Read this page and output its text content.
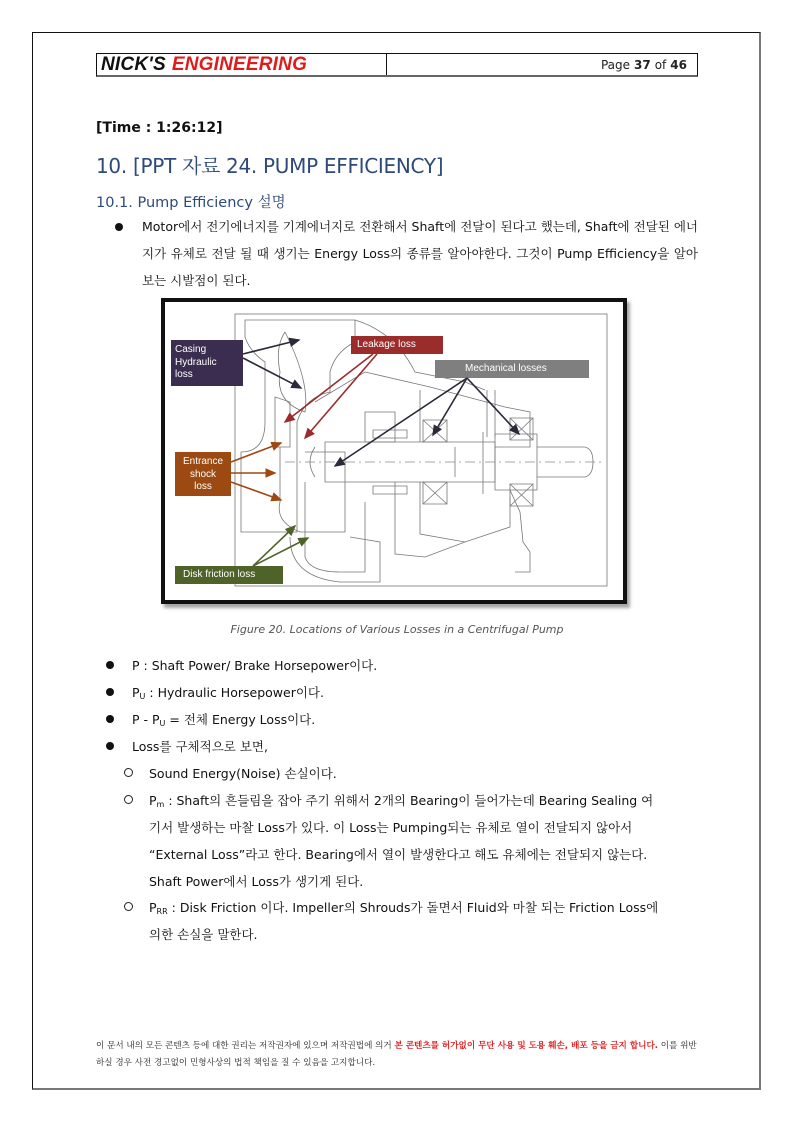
NICK'S ENGINEERING	Page 37 of 46
[Time : 1:26:12]
10. [PPT 자료 24. PUMP EFFICIENCY]
10.1. Pump Efficiency 설명
Motor에서 전기에너지를 기계에너지로 전환해서 Shaft에 전달이 된다고 했는데, Shaft에 전달된 에너지가 유체로 전달 될 때 생기는 Energy Loss의 종류를 알아야한다. 그것이 Pump Efficiency을 알아보는 시발점이 된다.
Casing
Hydraulic
loss
Leakage loss
Mechanical losses
Entrance
shock
loss
Disk friction loss
Figure 20. Locations of Various Losses in a Centrifugal Pump
P : Shaft Power/ Brake Horsepower이다.
$P_U$ : Hydraulic Horsepower이다.
P - $P_U$ = 전체 Energy Loss이다.
Loss를 구체적으로 보면,
Sound Energy(Noise) 손실이다.
$P_m$ : Shaft의 흔들림을 잡아 주기 위해서 2개의 Bearing이 들어가는데 Bearing Sealing 여
기서 발생하는 마찰 Loss가 있다. 이 Loss는 Pumping되는 유체로 열이 전달되지 않아서
“External Loss”라고 한다. Bearing에서 열이 발생한다고 해도 유체에는 전달되지 않는다.
Shaft Power에서 Loss가 생기게 된다.
$P_{RR}$ : Disk Friction 이다. Impeller의 Shrouds가 돌면서 Fluid와 마찰 되는 Friction Loss에
의한 손실을 말한다.
이 문서 내의 모든 콘텐츠 등에 대한 권리는 저작권자에 있으며 저작권법에 의거 본 콘텐츠를 허가없이 무단 사용 및 도용 훼손, 배포 등을 금지 합니다. 이를 위반 하실 경우 사전 경고없이 민형사상의 법적 책임을 질 수 있음을 고지합니다.
